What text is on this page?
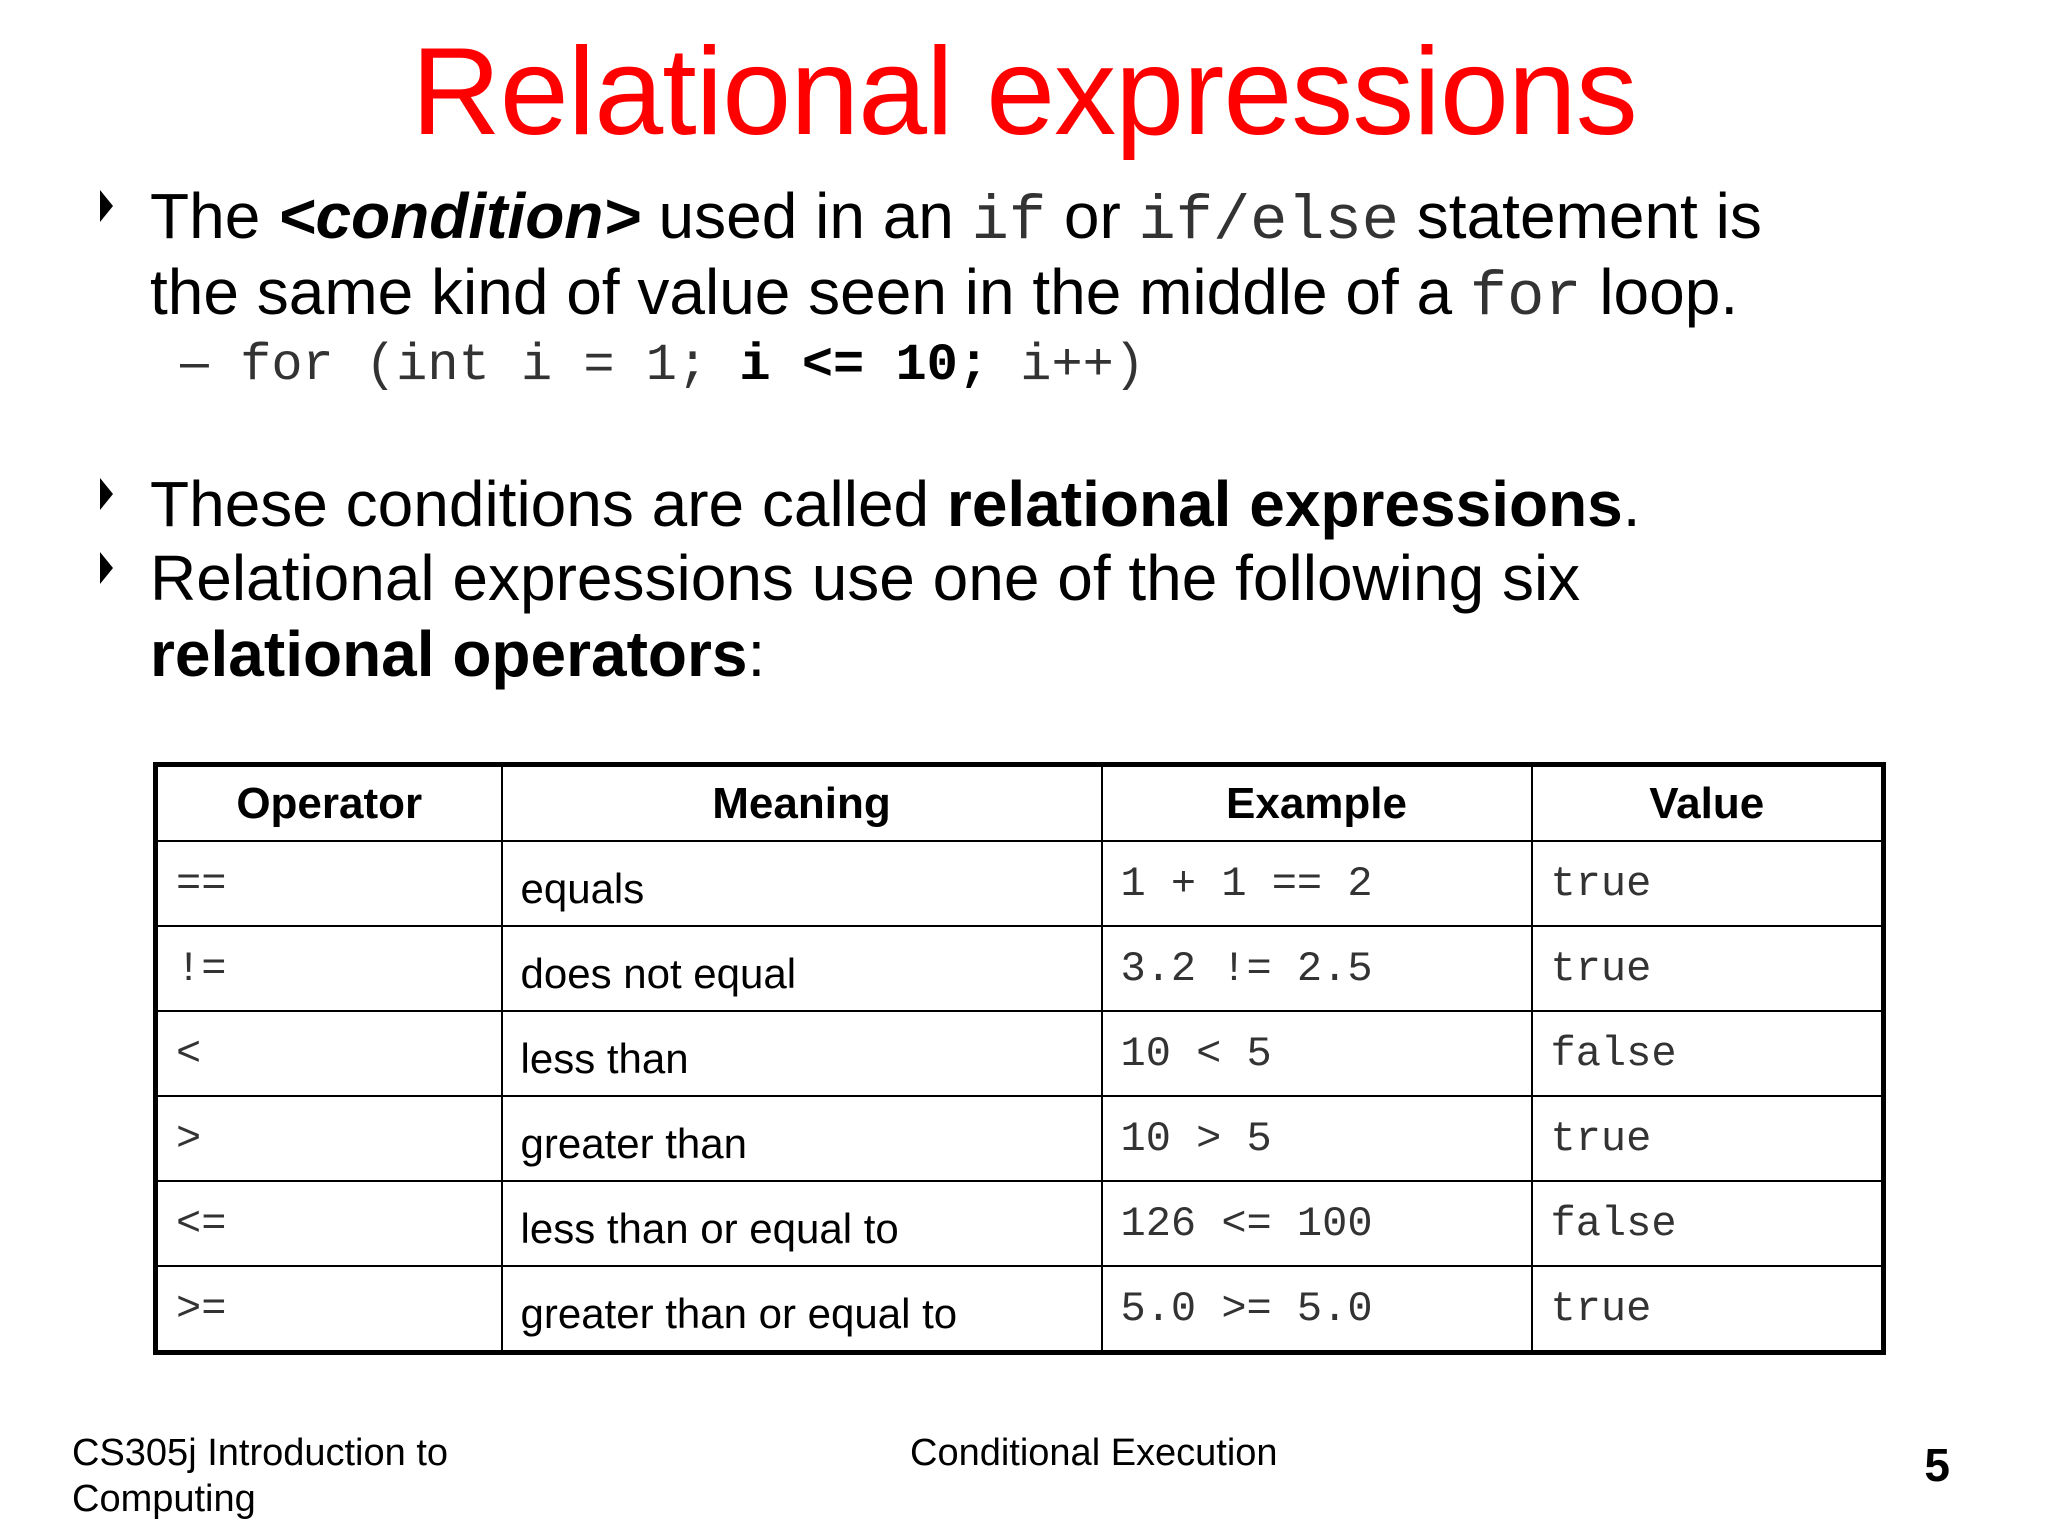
Relational expressions
The <condition> used in an if or if/else statement is
the same kind of value seen in the middle of a for loop.
– for (int i = 1; i <= 10; i++)
These conditions are called relational expressions.
Relational expressions use one of the following six
relational operators:
Operator	Meaning	Example	Value
==	equals	1 + 1 == 2	true
!=	does not equal	3.2 != 2.5	true
<	less than	10 < 5	false
>	greater than	10 > 5	true
<=	less than or equal to	126 <= 100	false
>=	greater than or equal to	5.0 >= 5.0	true
CS305j Introduction to
Computing
Conditional Execution	5
